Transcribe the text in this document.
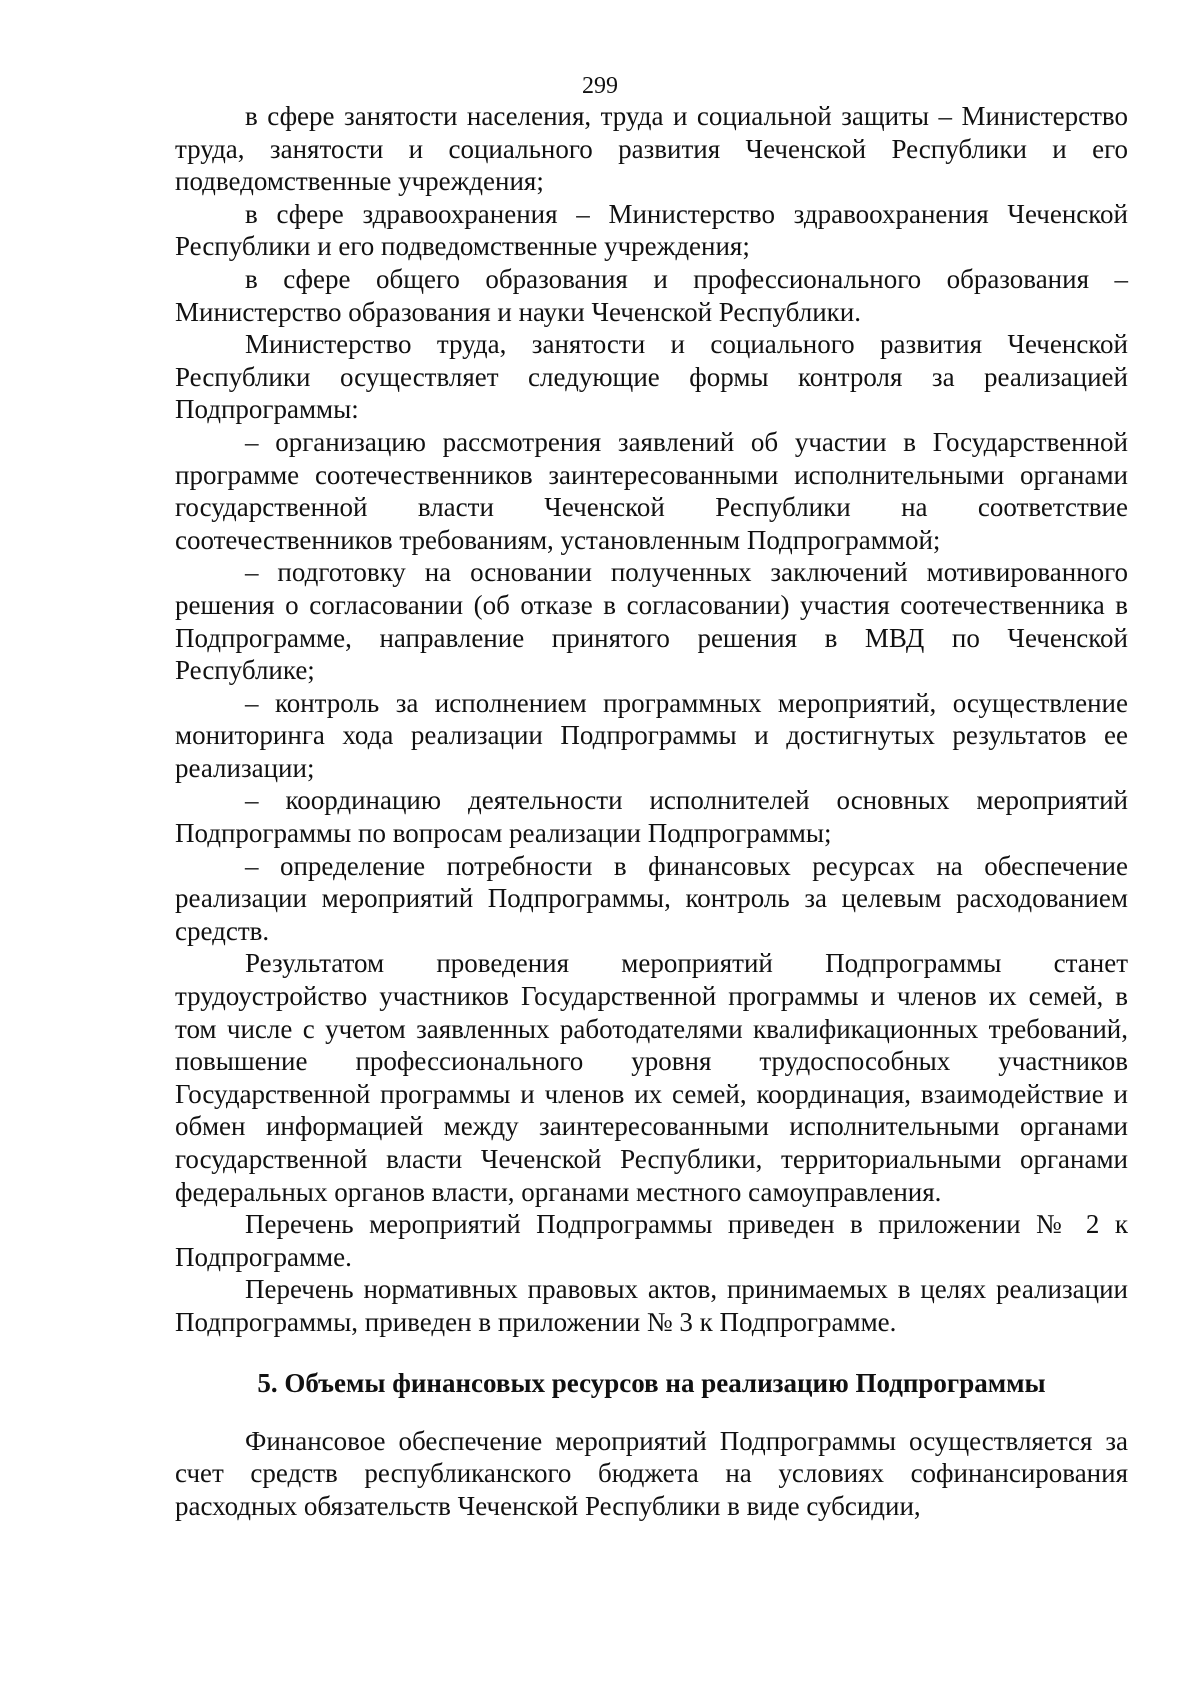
299

в сфере занятости населения, труда и социальной защиты – Министерство труда, занятости и социального развития Чеченской Республики и его подведомственные учреждения;

в сфере здравоохранения – Министерство здравоохранения Чеченской Республики и его подведомственные учреждения;

в сфере общего образования и профессионального образования – Министерство образования и науки Чеченской Республики.

Министерство труда, занятости и социального развития Чеченской Республики осуществляет следующие формы контроля за реализацией Подпрограммы:

– организацию рассмотрения заявлений об участии в Государственной программе соотечественников заинтересованными исполнительными органами государственной власти Чеченской Республики на соответствие соотечественников требованиям, установленным Подпрограммой;

– подготовку на основании полученных заключений мотивированного решения о согласовании (об отказе в согласовании) участия соотечественника в Подпрограмме, направление принятого решения в МВД по Чеченской Республике;

– контроль за исполнением программных мероприятий, осуществление мониторинга хода реализации Подпрограммы и достигнутых результатов ее реализации;

– координацию деятельности исполнителей основных мероприятий Подпрограммы по вопросам реализации Подпрограммы;

– определение потребности в финансовых ресурсах на обеспечение реализации мероприятий Подпрограммы, контроль за целевым расходованием средств.

Результатом проведения мероприятий Подпрограммы станет трудоустройство участников Государственной программы и членов их семей, в том числе с учетом заявленных работодателями квалификационных требований, повышение профессионального уровня трудоспособных участников Государственной программы и членов их семей, координация, взаимодействие и обмен информацией между заинтересованными исполнительными органами государственной власти Чеченской Республики, территориальными органами федеральных органов власти, органами местного самоуправления.

Перечень мероприятий Подпрограммы приведен в приложении № 2 к Подпрограмме.

Перечень нормативных правовых актов, принимаемых в целях реализации Подпрограммы, приведен в приложении № 3 к Подпрограмме.

5. Объемы финансовых ресурсов на реализацию Подпрограммы

Финансовое обеспечение мероприятий Подпрограммы осуществляется за счет средств республиканского бюджета на условиях софинансирования расходных обязательств Чеченской Республики в виде субсидии,
